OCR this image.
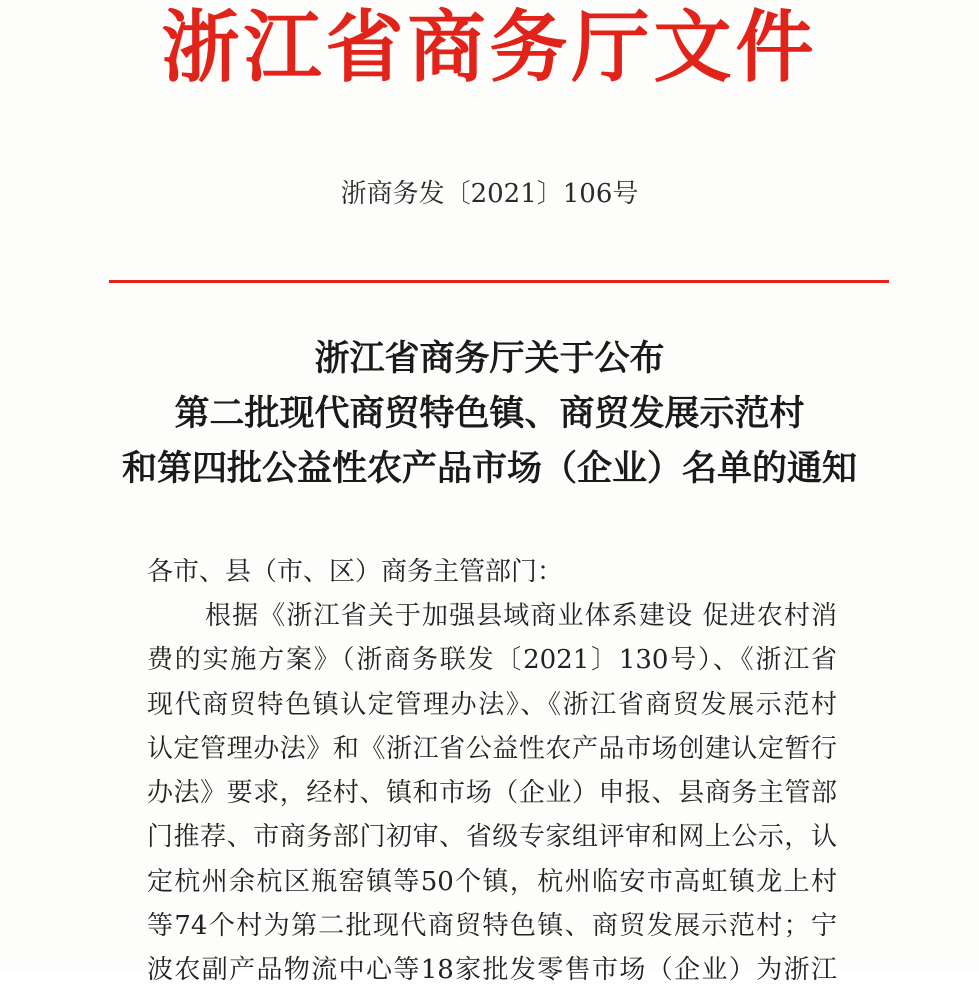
浙江省商务厅文件
浙商务发〔2021〕106号
浙江省商务厅关于公布
第二批现代商贸特色镇、商贸发展示范村
和第四批公益性农产品市场（企业）名单的通知
各市、县（市、区）商务主管部门：
根据《浙江省关于加强县域商业体系建设 促进农村消
费的实施方案》（浙商务联发〔2021〕130号）、《浙江省
现代商贸特色镇认定管理办法》、《浙江省商贸发展示范村
认定管理办法》和《浙江省公益性农产品市场创建认定暂行
办法》要求，经村、镇和市场（企业）申报、县商务主管部
门推荐、市商务部门初审、省级专家组评审和网上公示，认
定杭州余杭区瓶窑镇等50个镇，杭州临安市高虹镇龙上村
等74个村为第二批现代商贸特色镇、商贸发展示范村；宁
波农副产品物流中心等18家批发零售市场（企业）为浙江
